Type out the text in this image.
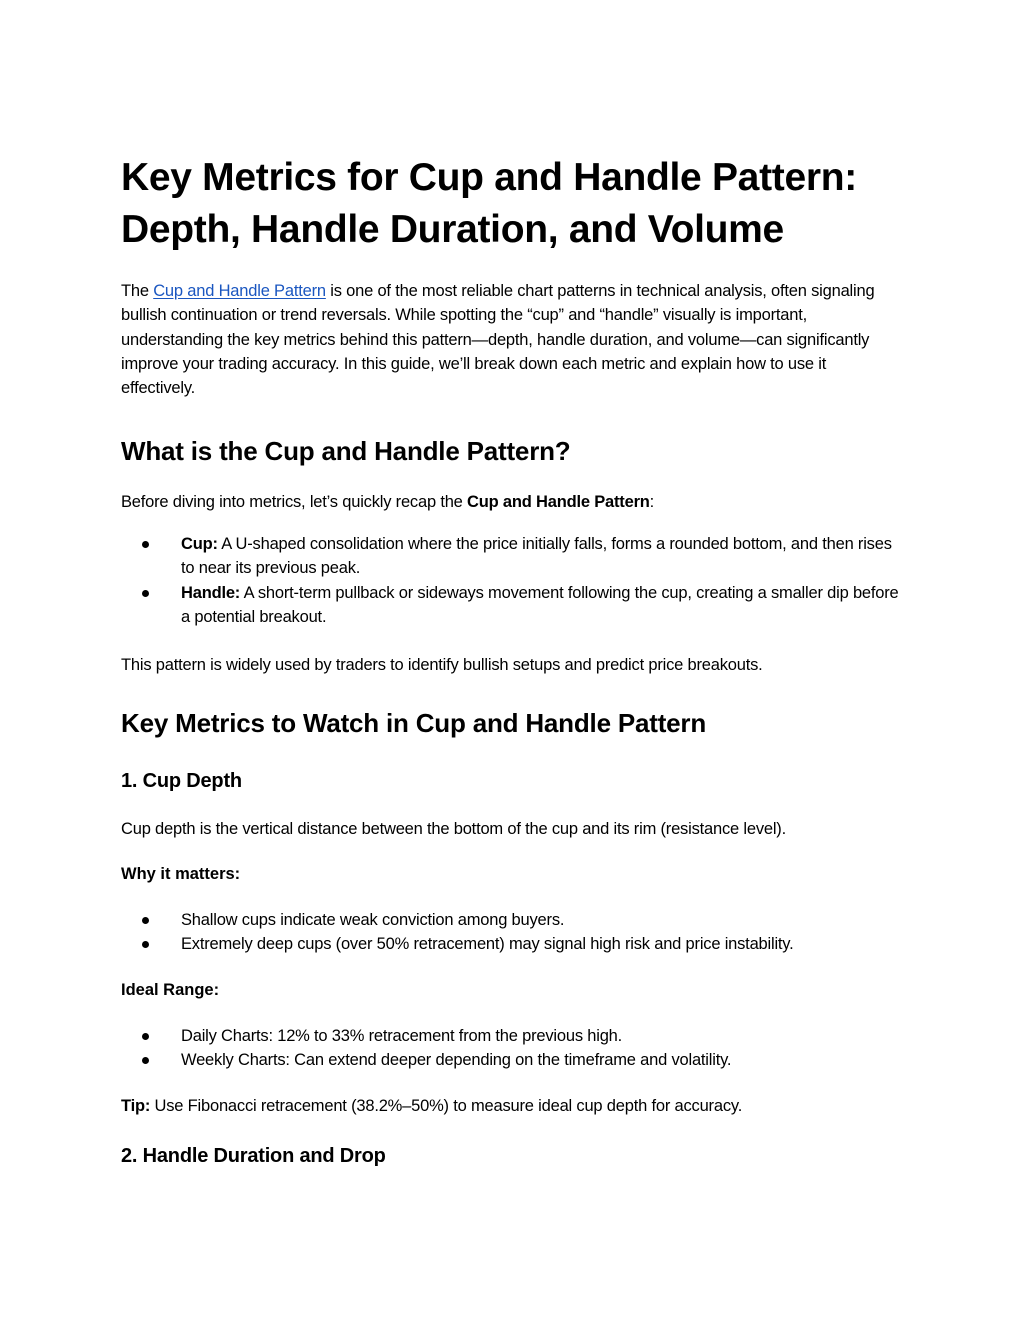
Key Metrics for Cup and Handle Pattern:
Depth, Handle Duration, and Volume

The Cup and Handle Pattern is one of the most reliable chart patterns in technical analysis, often signaling bullish continuation or trend reversals. While spotting the “cup” and “handle” visually is important, understanding the key metrics behind this pattern—depth, handle duration, and volume—can significantly improve your trading accuracy. In this guide, we’ll break down each metric and explain how to use it effectively.

What is the Cup and Handle Pattern?

Before diving into metrics, let’s quickly recap the Cup and Handle Pattern:

Cup: A U-shaped consolidation where the price initially falls, forms a rounded bottom, and then rises to near its previous peak.
Handle: A short-term pullback or sideways movement following the cup, creating a smaller dip before a potential breakout.

This pattern is widely used by traders to identify bullish setups and predict price breakouts.

Key Metrics to Watch in Cup and Handle Pattern
1. Cup Depth

Cup depth is the vertical distance between the bottom of the cup and its rim (resistance level).

Why it matters:
Shallow cups indicate weak conviction among buyers.
Extremely deep cups (over 50% retracement) may signal high risk and price instability.
Ideal Range:
Daily Charts: 12% to 33% retracement from the previous high.
Weekly Charts: Can extend deeper depending on the timeframe and volatility.

Tip: Use Fibonacci retracement (38.2%–50%) to measure ideal cup depth for accuracy.

2. Handle Duration and Drop
